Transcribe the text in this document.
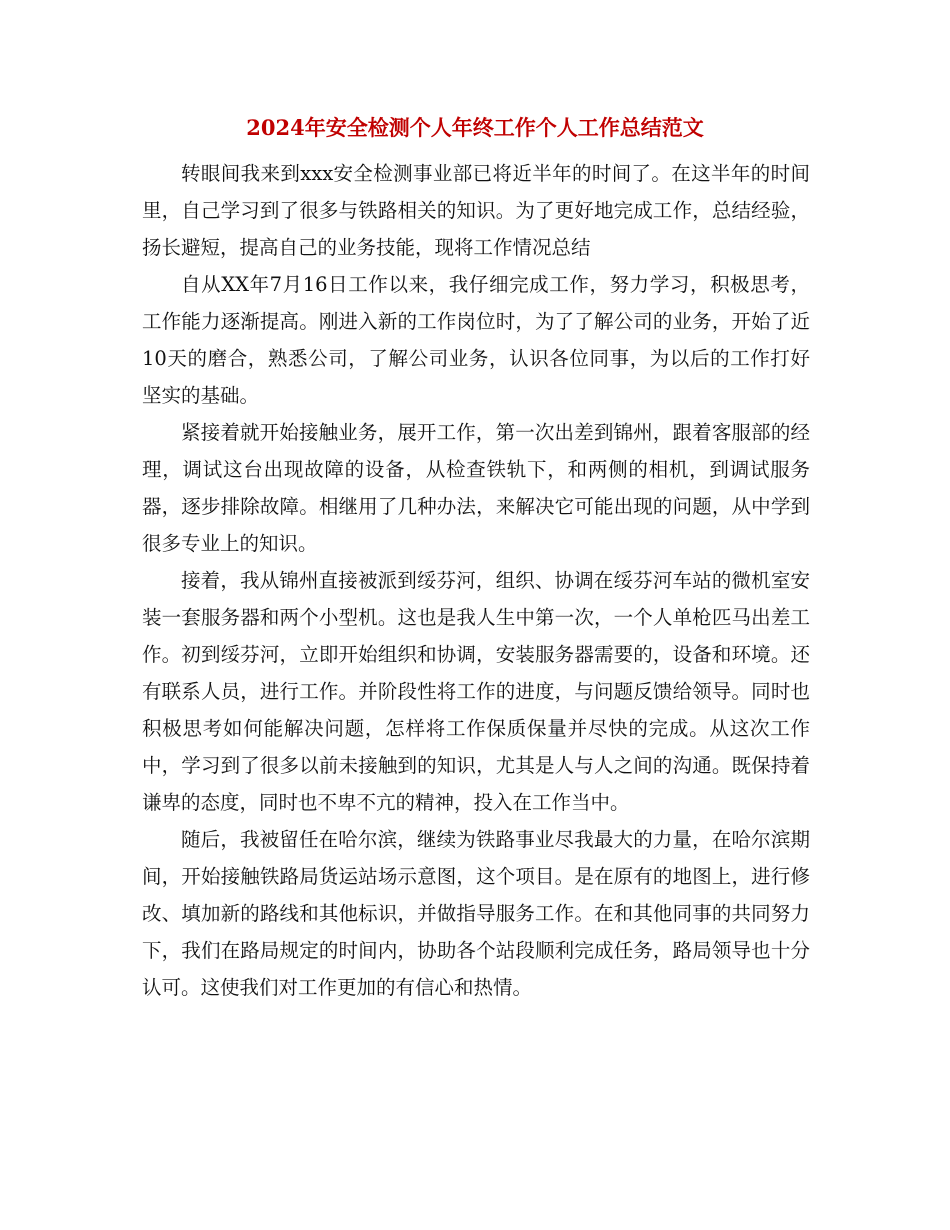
2024年安全检测个人年终工作个人工作总结范文

转眼间我来到xxx安全检测事业部已将近半年的时间了。在这半年的时间里，自己学习到了很多与铁路相关的知识。为了更好地完成工作，总结经验，扬长避短，提高自己的业务技能，现将工作情况总结

自从XX年7月16日工作以来，我仔细完成工作，努力学习，积极思考，工作能力逐渐提高。刚进入新的工作岗位时，为了了解公司的业务，开始了近10天的磨合，熟悉公司，了解公司业务，认识各位同事，为以后的工作打好坚实的基础。

紧接着就开始接触业务，展开工作，第一次出差到锦州，跟着客服部的经理，调试这台出现故障的设备，从检查铁轨下，和两侧的相机，到调试服务器，逐步排除故障。相继用了几种办法，来解决它可能出现的问题，从中学到很多专业上的知识。

接着，我从锦州直接被派到绥芬河，组织、协调在绥芬河车站的微机室安装一套服务器和两个小型机。这也是我人生中第一次，一个人单枪匹马出差工作。初到绥芬河，立即开始组织和协调，安装服务器需要的，设备和环境。还有联系人员，进行工作。并阶段性将工作的进度，与问题反馈给领导。同时也积极思考如何能解决问题，怎样将工作保质保量并尽快的完成。从这次工作中，学习到了很多以前未接触到的知识，尤其是人与人之间的沟通。既保持着谦卑的态度，同时也不卑不亢的精神，投入在工作当中。

随后，我被留任在哈尔滨，继续为铁路事业尽我最大的力量，在哈尔滨期间，开始接触铁路局货运站场示意图，这个项目。是在原有的地图上，进行修改、填加新的路线和其他标识，并做指导服务工作。在和其他同事的共同努力下，我们在路局规定的时间内，协助各个站段顺利完成任务，路局领导也十分认可。这使我们对工作更加的有信心和热情。
